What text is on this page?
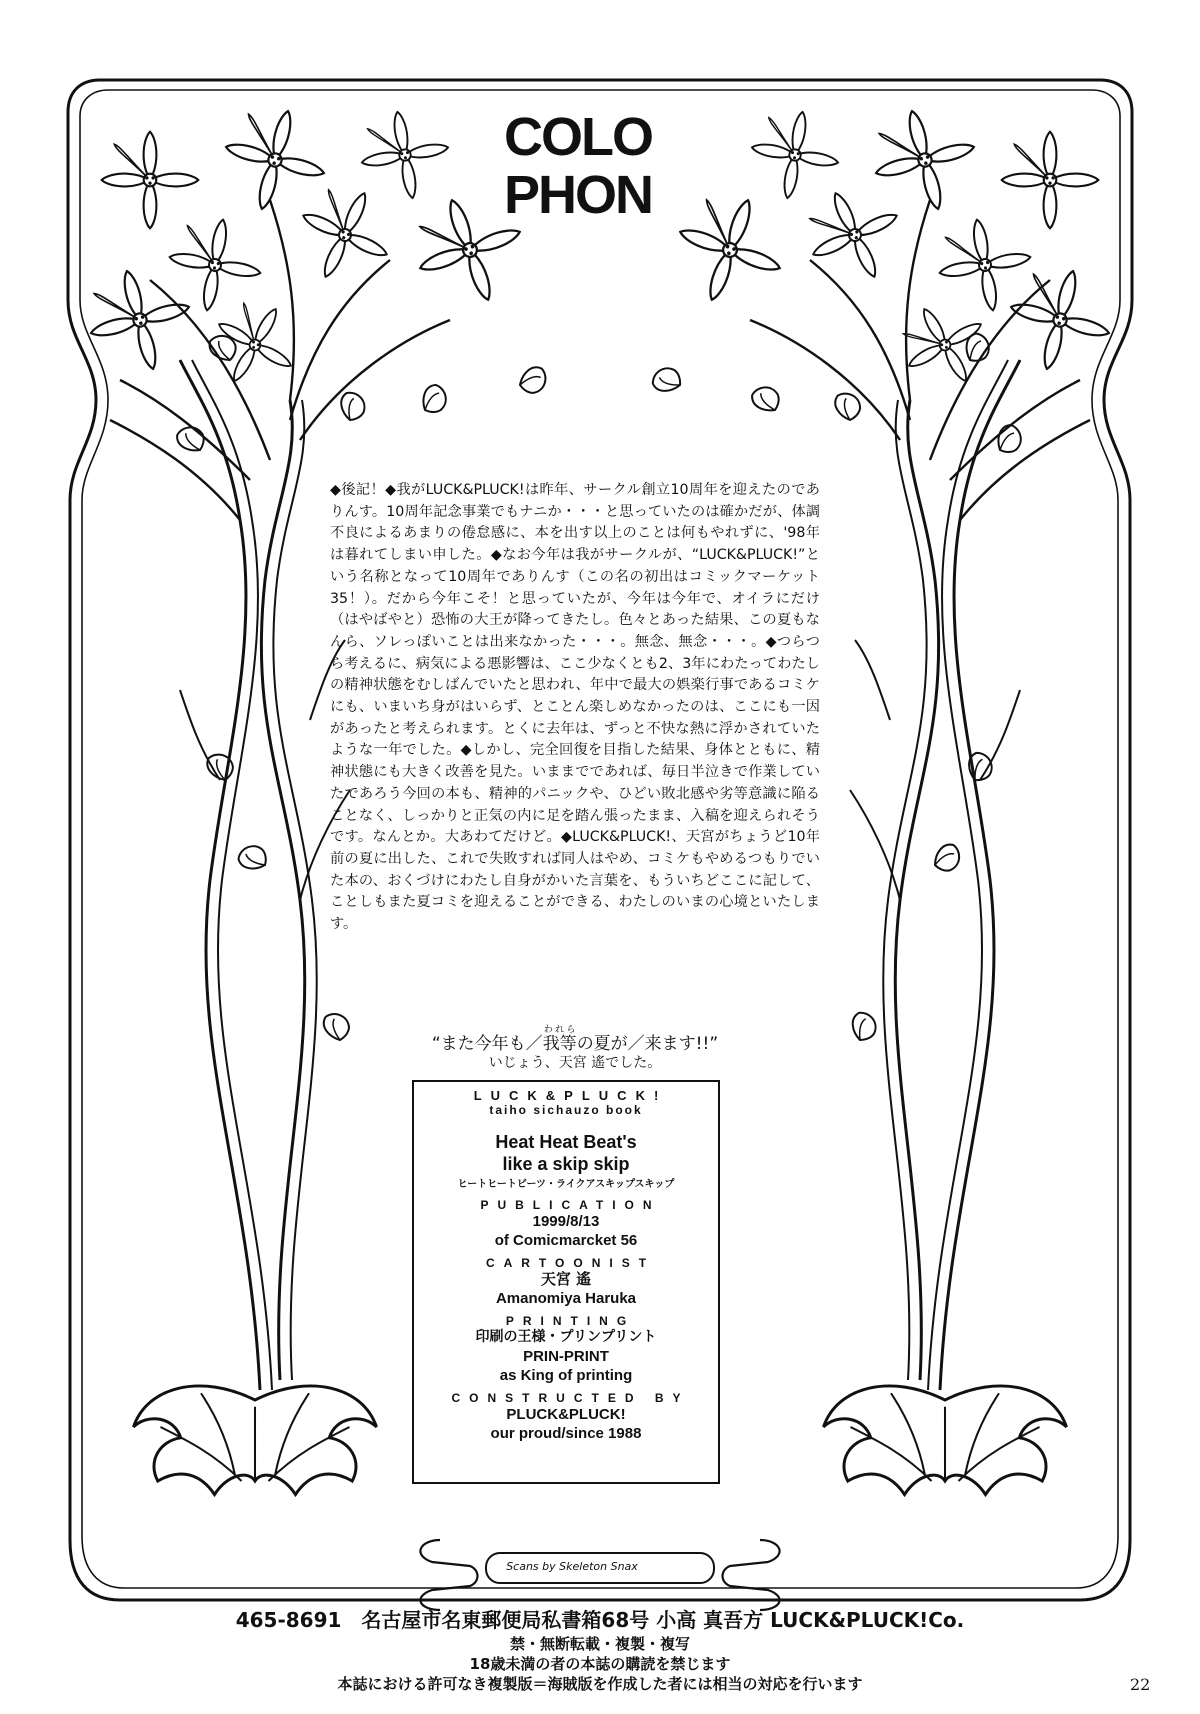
COLO
PHON

◆後記！◆我がLUCK&PLUCK!は昨年、サークル創立10周年を迎えたのでありんす。10周年記念事業でもナニか・・・と思っていたのは確かだが、体調不良によるあまりの倦怠感に、本を出す以上のことは何もやれずに、'98年は暮れてしまい申した。◆なお今年は我がサークルが、“LUCK&PLUCK!”という名称となって10周年でありんす（この名の初出はコミックマーケット35！）。だから今年こそ！と思っていたが、今年は今年で、オイラにだけ（はやばやと）恐怖の大王が降ってきたし。色々とあった結果、この夏もなんら、ソレっぽいことは出来なかった・・・。無念、無念・・・。◆つらつら考えるに、病気による悪影響は、ここ少なくとも2、3年にわたってわたしの精神状態をむしばんでいたと思われ、年中で最大の娯楽行事であるコミケにも、いまいち身がはいらず、とことん楽しめなかったのは、ここにも一因があったと考えられます。とくに去年は、ずっと不快な熱に浮かされていたような一年でした。◆しかし、完全回復を目指した結果、身体とともに、精神状態にも大きく改善を見た。いままでであれば、毎日半泣きで作業していたであろう今回の本も、精神的パニックや、ひどい敗北感や劣等意識に陥ることなく、しっかりと正気の内に足を踏ん張ったまま、入稿を迎えられそうです。なんとか。大あわてだけど。◆LUCK&PLUCK!、天宮がちょうど10年前の夏に出した、これで失敗すれば同人はやめ、コミケもやめるつもりでいた本の、おくづけにわたし自身がかいた言葉を、もういちどここに記して、ことしもまた夏コミを迎えることができる、わたしのいまの心境といたします。

“また今年も／我等われらの夏が／来ます!!”
いじょう、天宮 遙でした。
LUCK&PLUCK!
taiho sichauzo book
Heat Heat Beat's
like a skip skip
ヒートヒートビーツ・ライクアスキップスキップ
PUBLICATION
1999/8/13
of Comicmarcket 56
CARTOONIST
天宮 遙
Amanomiya Haruka
PRINTING
印刷の王様・プリンプリント
PRIN-PRINT
as King of printing
CONSTRUCTED BY
PLUCK&PLUCK!
our proud/since 1988
Scans by Skeleton Snax
465-8691　名古屋市名東郵便局私書箱68号 小高 真吾方 LUCK&PLUCK!Co.
禁・無断転載・複製・複写
18歳未満の者の本誌の購読を禁じます
本誌における許可なき複製版＝海賊版を作成した者には相当の対応を行います	22
